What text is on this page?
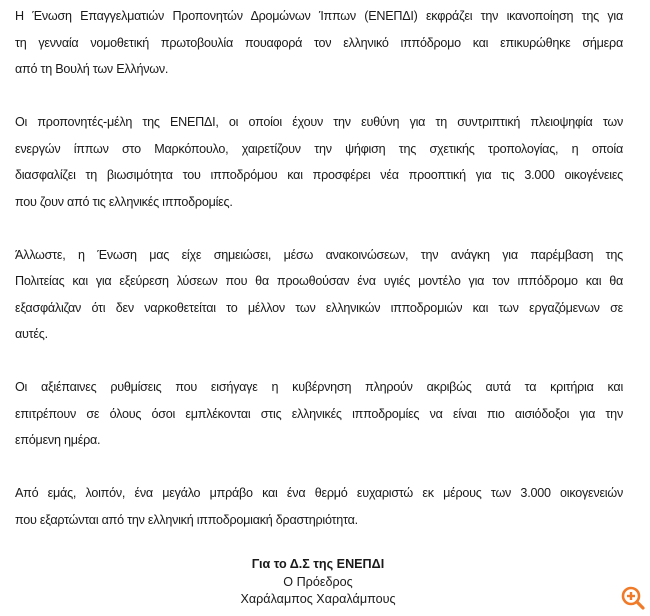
Η Ένωση Επαγγελματιών Προπονητών Δρομώνων Ίππων (ΕΝΕΠΔΙ) εκφράζει την ικανοποίηση της για
τη γενναία νομοθετική πρωτοβουλία πουαφορά τον ελληνικό ιππόδρομο και επικυρώθηκε σήμερα
από τη Βουλή των Ελλήνων.
Οι προπονητές-μέλη της ΕΝΕΠΔΙ, οι οποίοι έχουν την ευθύνη για τη συντριπτική πλειοψηφία των
ενεργών ίππων στο Μαρκόπουλο, χαιρετίζουν την ψήφιση της σχετικής τροπολογίας, η οποία
διασφαλίζει τη βιωσιμότητα του ιπποδρόμου και προσφέρει νέα προοπτική για τις 3.000 οικογένειες
που ζουν από τις ελληνικές ιπποδρομίες.
Άλλωστε, η Ένωση μας είχε σημειώσει, μέσω ανακοινώσεων, την ανάγκη για παρέμβαση της
Πολιτείας και για εξεύρεση λύσεων που θα προωθούσαν ένα υγιές μοντέλο για τον ιππόδρομο και θα
εξασφάλιζαν ότι δεν ναρκοθετείται το μέλλον των ελληνικών ιπποδρομιών και των εργαζόμενων σε
αυτές.
Οι αξιέπαινες ρυθμίσεις που εισήγαγε η κυβέρνηση πληρούν ακριβώς αυτά τα κριτήρια και
επιτρέπουν σε όλους όσοι εμπλέκονται στις ελληνικές ιπποδρομίες να είναι πιο αισιόδοξοι για την
επόμενη ημέρα.
Από εμάς, λοιπόν, ένα μεγάλο μπράβο και ένα θερμό ευχαριστώ εκ μέρους των 3.000 οικογενειών
που εξαρτώνται από την ελληνική ιπποδρομιακή δραστηριότητα.
Για το Δ.Σ της ΕΝΕΠΔΙ
Ο Πρόεδρος
Χαράλαμπος Χαραλάμπους
